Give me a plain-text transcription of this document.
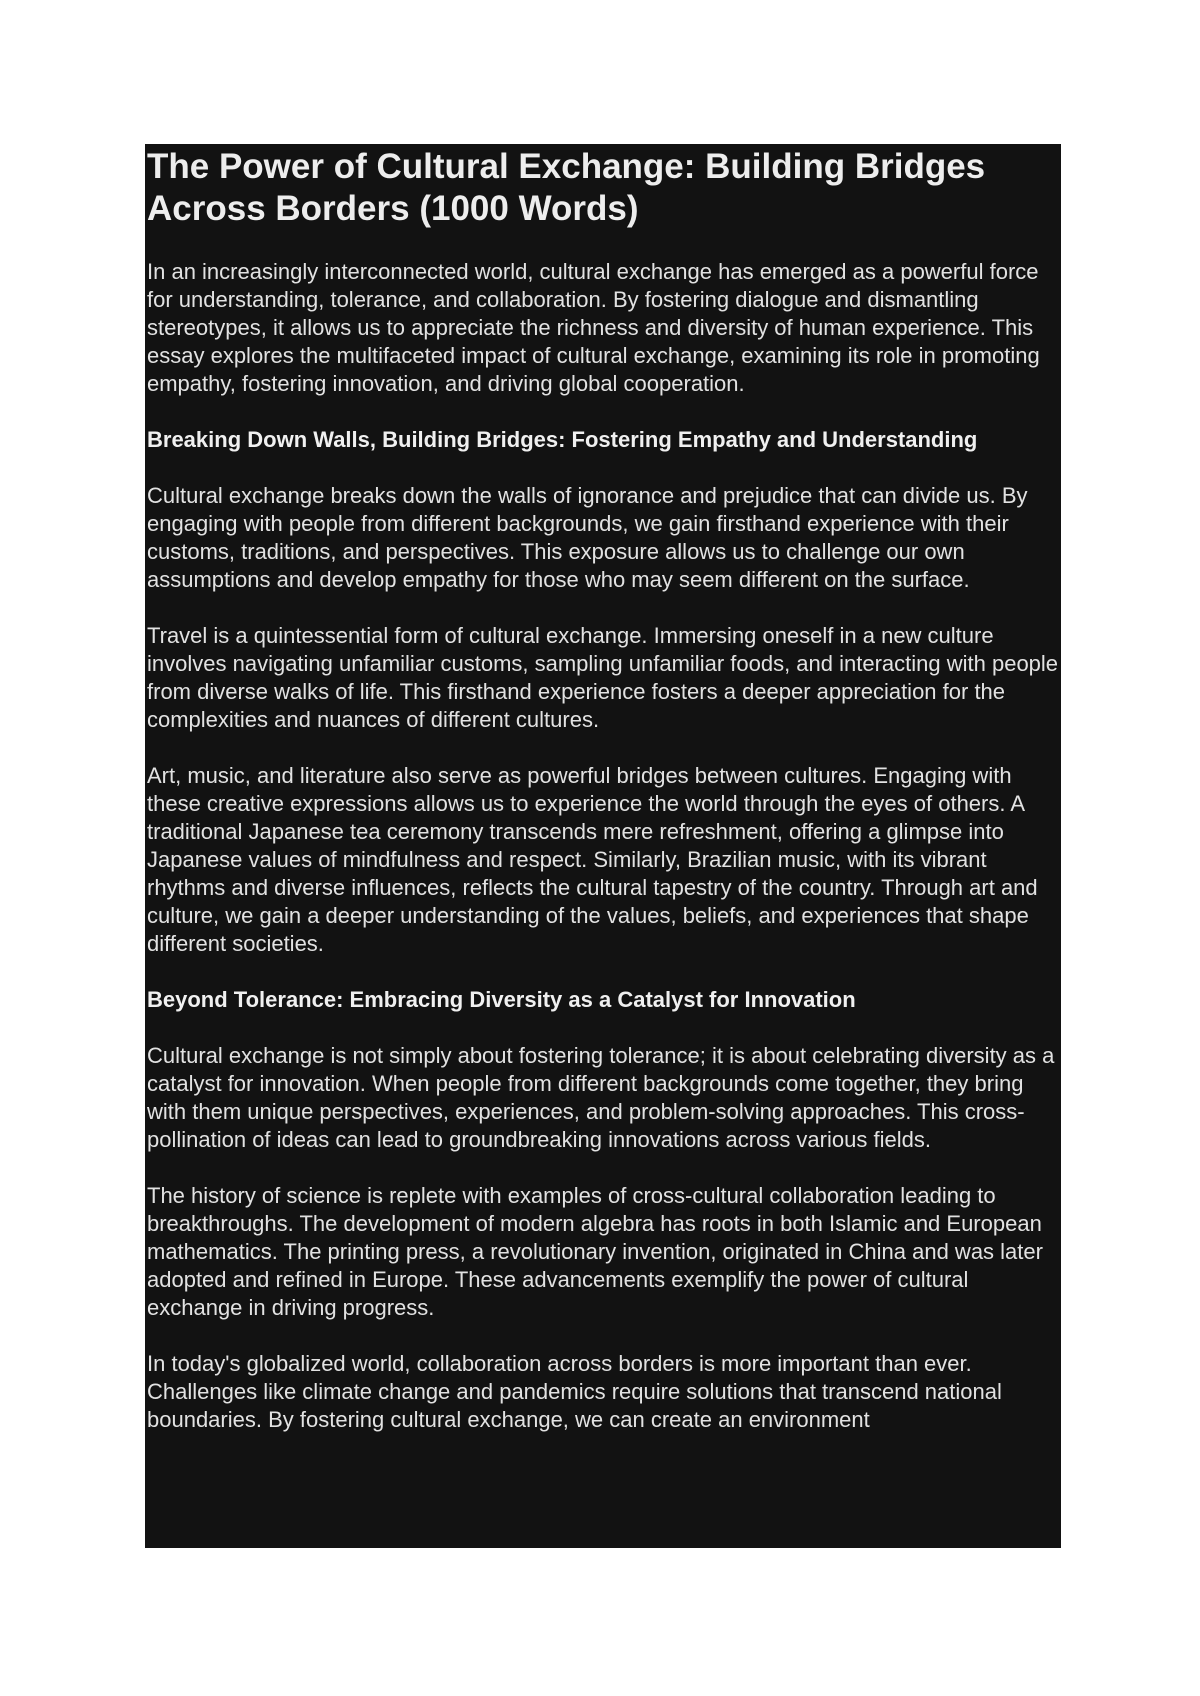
The Power of Cultural Exchange: Building Bridges Across Borders (1000 Words)

In an increasingly interconnected world, cultural exchange has emerged as a powerful force for understanding, tolerance, and collaboration. By fostering dialogue and dismantling stereotypes, it allows us to appreciate the richness and diversity of human experience. This essay explores the multifaceted impact of cultural exchange, examining its role in promoting empathy, fostering innovation, and driving global cooperation.

Breaking Down Walls, Building Bridges: Fostering Empathy and Understanding

Cultural exchange breaks down the walls of ignorance and prejudice that can divide us. By engaging with people from different backgrounds, we gain firsthand experience with their customs, traditions, and perspectives. This exposure allows us to challenge our own assumptions and develop empathy for those who may seem different on the surface.

Travel is a quintessential form of cultural exchange. Immersing oneself in a new culture involves navigating unfamiliar customs, sampling unfamiliar foods, and interacting with people from diverse walks of life. This firsthand experience fosters a deeper appreciation for the complexities and nuances of different cultures.

Art, music, and literature also serve as powerful bridges between cultures. Engaging with these creative expressions allows us to experience the world through the eyes of others. A traditional Japanese tea ceremony transcends mere refreshment, offering a glimpse into Japanese values of mindfulness and respect. Similarly, Brazilian music, with its vibrant rhythms and diverse influences, reflects the cultural tapestry of the country. Through art and culture, we gain a deeper understanding of the values, beliefs, and experiences that shape different societies.

Beyond Tolerance: Embracing Diversity as a Catalyst for Innovation

Cultural exchange is not simply about fostering tolerance; it is about celebrating diversity as a catalyst for innovation. When people from different backgrounds come together, they bring with them unique perspectives, experiences, and problem-solving approaches. This cross-pollination of ideas can lead to groundbreaking innovations across various fields.

The history of science is replete with examples of cross-cultural collaboration leading to breakthroughs. The development of modern algebra has roots in both Islamic and European mathematics. The printing press, a revolutionary invention, originated in China and was later adopted and refined in Europe. These advancements exemplify the power of cultural exchange in driving progress.

In today's globalized world, collaboration across borders is more important than ever. Challenges like climate change and pandemics require solutions that transcend national boundaries. By fostering cultural exchange, we can create an environment
